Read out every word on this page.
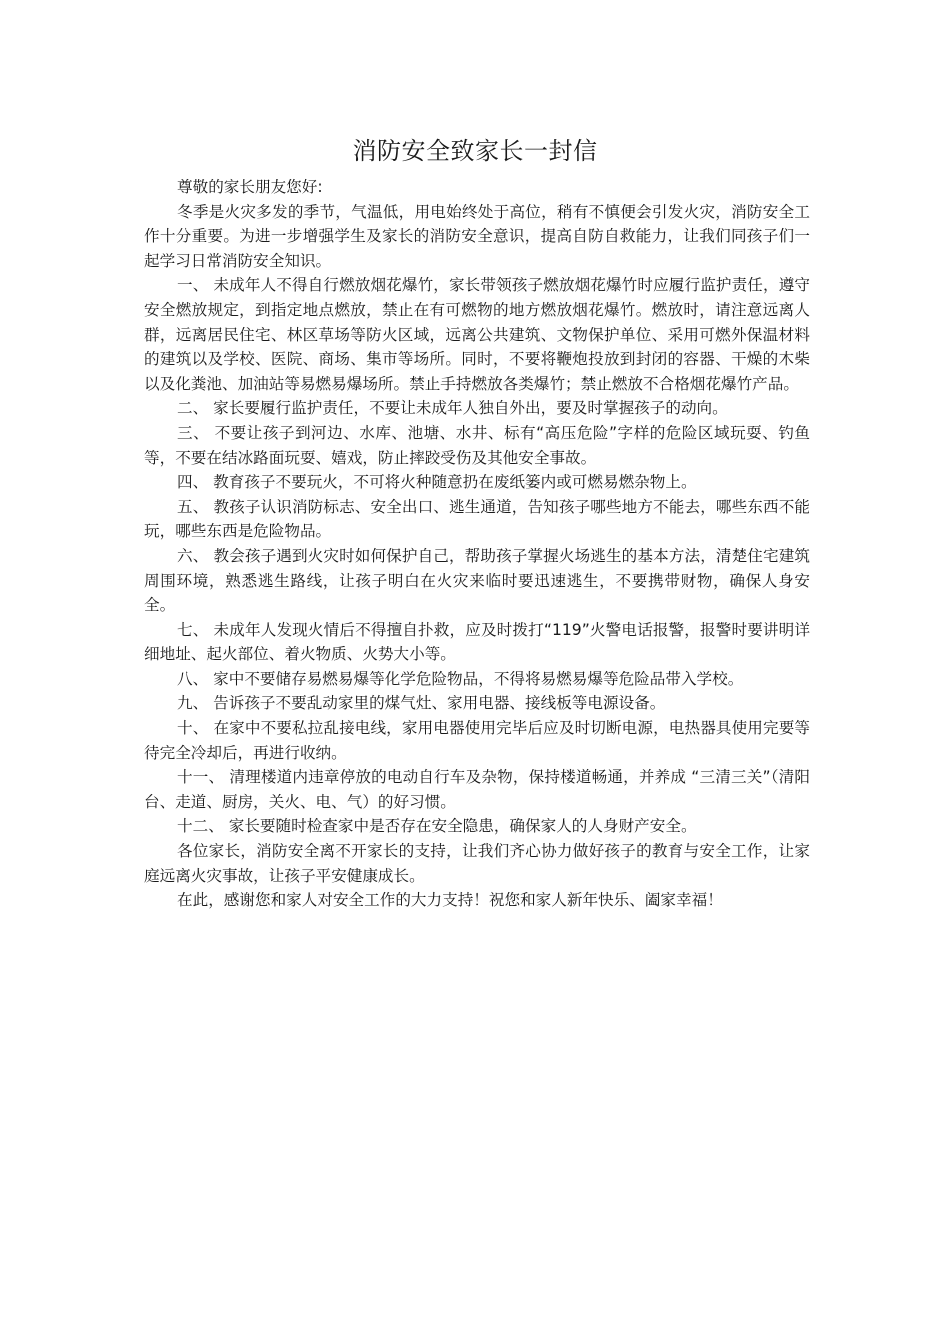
消防安全致家长一封信

尊敬的家长朋友您好:

冬季是火灾多发的季节，气温低，用电始终处于高位，稍有不慎便会引发火灾，消防安全工作十分重要。为进一步增强学生及家长的消防安全意识，提高自防自救能力，让我们同孩子们一起学习日常消防安全知识。

一、 未成年人不得自行燃放烟花爆竹，家长带领孩子燃放烟花爆竹时应履行监护责任，遵守安全燃放规定，到指定地点燃放，禁止在有可燃物的地方燃放烟花爆竹。燃放时，请注意远离人群，远离居民住宅、林区草场等防火区域，远离公共建筑、文物保护单位、采用可燃外保温材料的建筑以及学校、医院、商场、集市等场所。同时，不要将鞭炮投放到封闭的容器、干燥的木柴以及化粪池、加油站等易燃易爆场所。禁止手持燃放各类爆竹；禁止燃放不合格烟花爆竹产品。

二、 家长要履行监护责任，不要让未成年人独自外出，要及时掌握孩子的动向。

三、 不要让孩子到河边、水库、池塘、水井、标有“高压危险”字样的危险区域玩耍、钓鱼等，不要在结冰路面玩耍、嬉戏，防止摔跤受伤及其他安全事故。

四、 教育孩子不要玩火，不可将火种随意扔在废纸篓内或可燃易燃杂物上。

五、 教孩子认识消防标志、安全出口、逃生通道，告知孩子哪些地方不能去，哪些东西不能玩，哪些东西是危险物品。

六、 教会孩子遇到火灾时如何保护自己，帮助孩子掌握火场逃生的基本方法，清楚住宅建筑周围环境，熟悉逃生路线，让孩子明白在火灾来临时要迅速逃生，不要携带财物，确保人身安全。

七、 未成年人发现火情后不得擅自扑救，应及时拨打“119”火警电话报警，报警时要讲明详细地址、起火部位、着火物质、火势大小等。

八、 家中不要储存易燃易爆等化学危险物品，不得将易燃易爆等危险品带入学校。

九、 告诉孩子不要乱动家里的煤气灶、家用电器、接线板等电源设备。

十、 在家中不要私拉乱接电线，家用电器使用完毕后应及时切断电源，电热器具使用完要等待完全冷却后，再进行收纳。

十一、 清理楼道内违章停放的电动自行车及杂物，保持楼道畅通，并养成 “三清三关”（清阳台、走道、厨房，关火、电、气）的好习惯。

十二、 家长要随时检查家中是否存在安全隐患，确保家人的人身财产安全。

各位家长，消防安全离不开家长的支持，让我们齐心协力做好孩子的教育与安全工作，让家庭远离火灾事故，让孩子平安健康成长。

在此，感谢您和家人对安全工作的大力支持！祝您和家人新年快乐、阖家幸福！
